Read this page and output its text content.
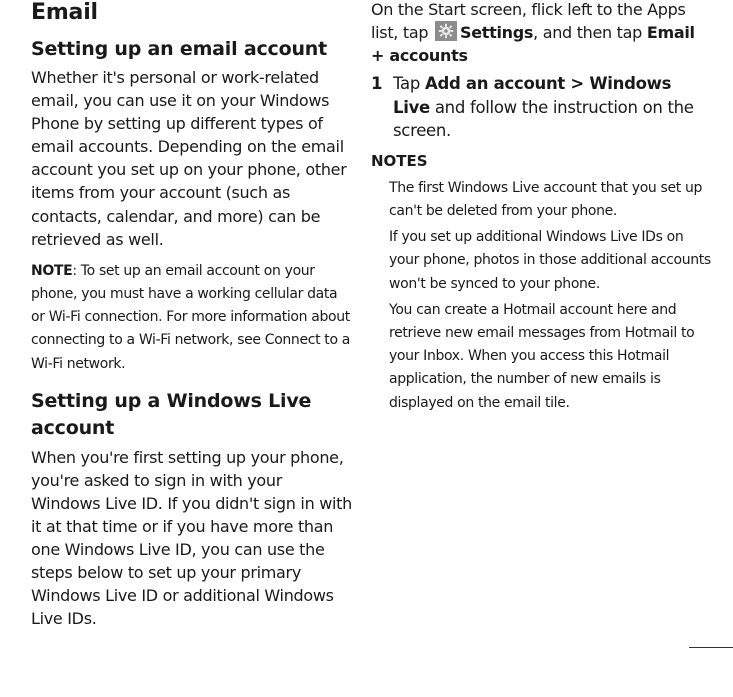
Email
Setting up an email account

Whether it's personal or work-related email, you can use it on your Windows Phone by setting up different types of email accounts. Depending on the email account you set up on your phone, other items from your account (such as contacts, calendar, and more) can be retrieved as well.

NOTE: To set up an email account on your phone, you must have a working cellular data or Wi-Fi connection. For more information about connecting to a Wi-Fi network, see Connect to a Wi-Fi network.

Setting up a Windows Live account

When you're first setting up your phone, you're asked to sign in with your Windows Live ID. If you didn't sign in with it at that time or if you have more than one Windows Live ID, you can use the steps below to set up your primary Windows Live ID or additional Windows Live IDs.

On the Start screen, flick left to the Apps list, tap Settings, and then tap Email + accounts

1 Tap Add an account > Windows Live and follow the instruction on the screen.
NOTES

The first Windows Live account that you set up can't be deleted from your phone.

If you set up additional Windows Live IDs on your phone, photos in those additional accounts won't be synced to your phone.

You can create a Hotmail account here and retrieve new email messages from Hotmail to your Inbox. When you access this Hotmail application, the number of new emails is displayed on the email tile.
